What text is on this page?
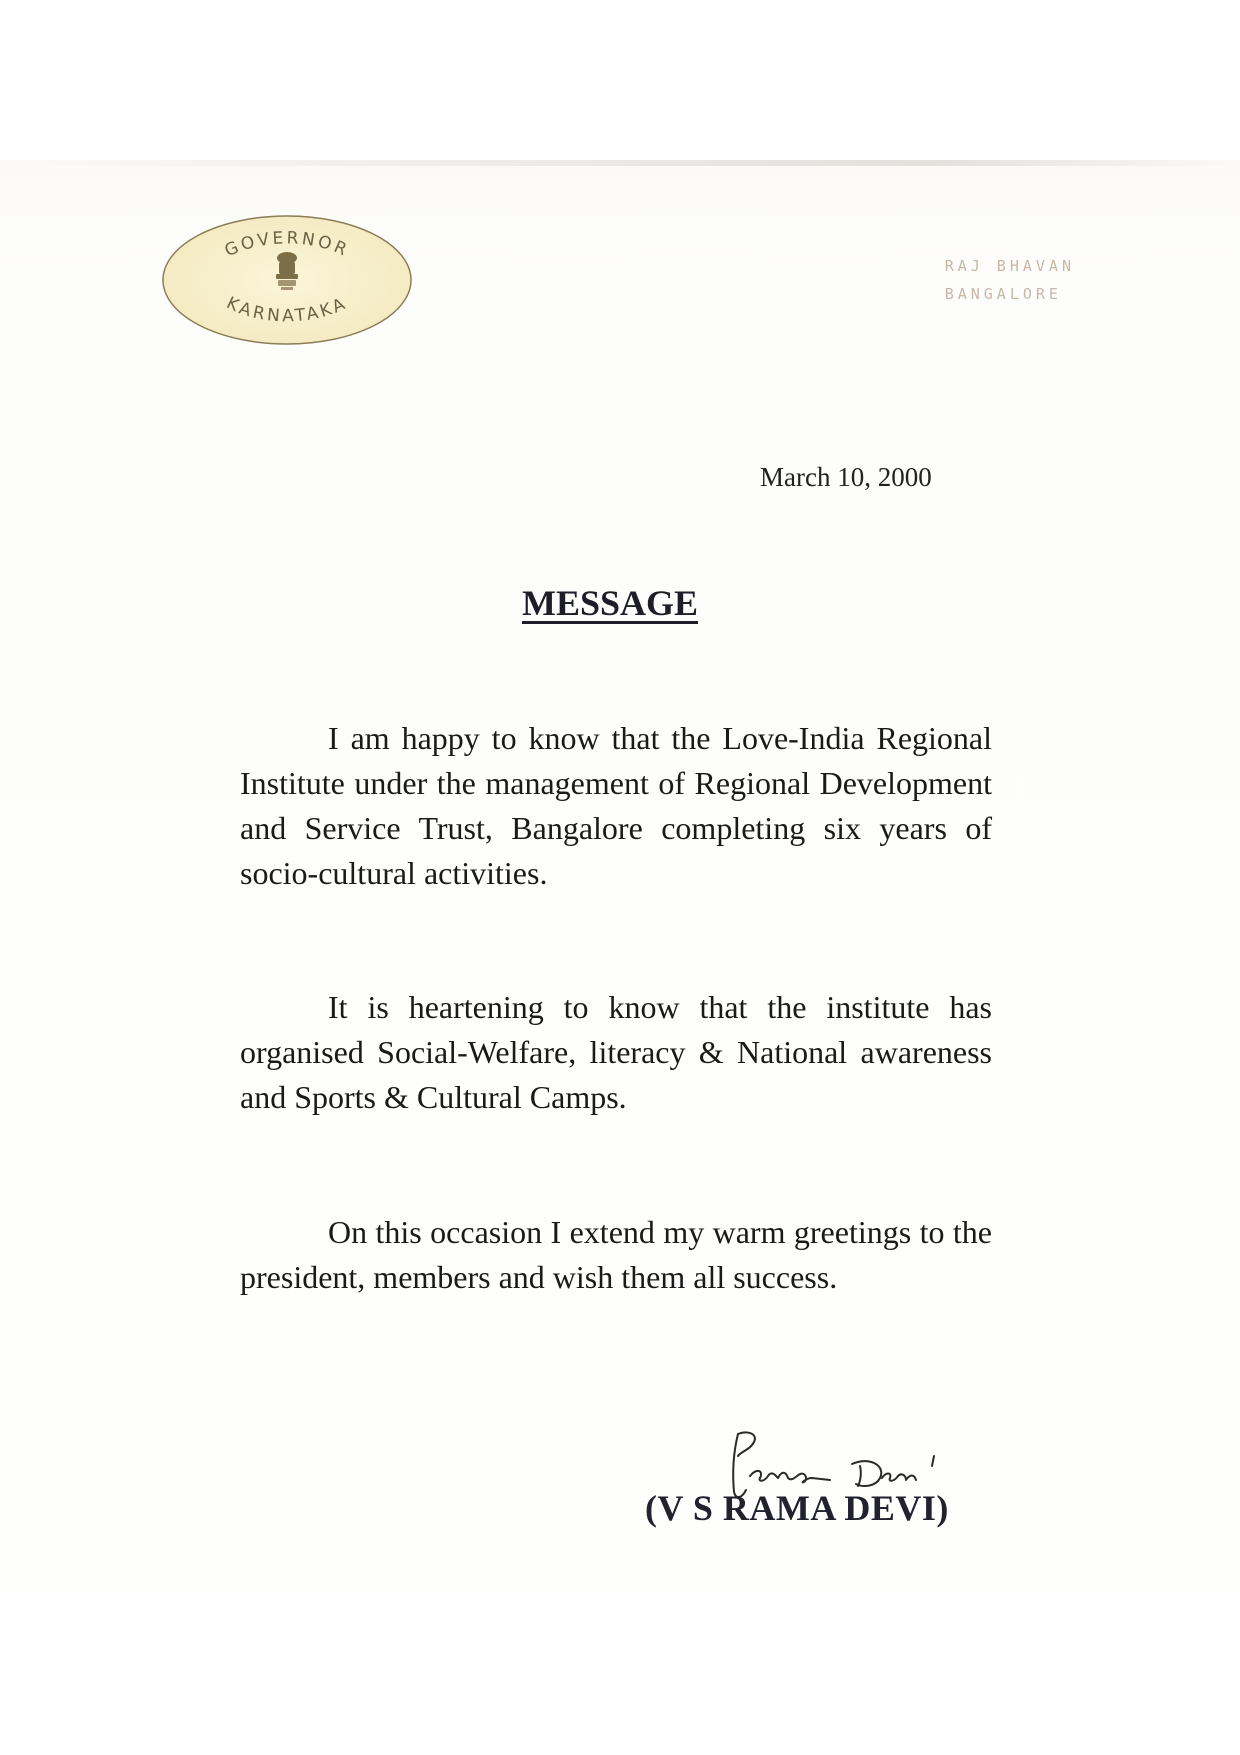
GOVERNOR
KARNATAKA
RAJ BHAVAN
BANGALORE
March 10, 2000
MESSAGE

I am happy to know that the Love-India Regional Institute under the management of Regional Development and Service Trust, Bangalore completing six years of socio-cultural activities.

It is heartening to know that the institute has organised Social-Welfare, literacy & National awareness and Sports & Cultural Camps.

On this occasion I extend my warm greetings to the president, members and wish them all success.

(V S RAMA DEVI)
